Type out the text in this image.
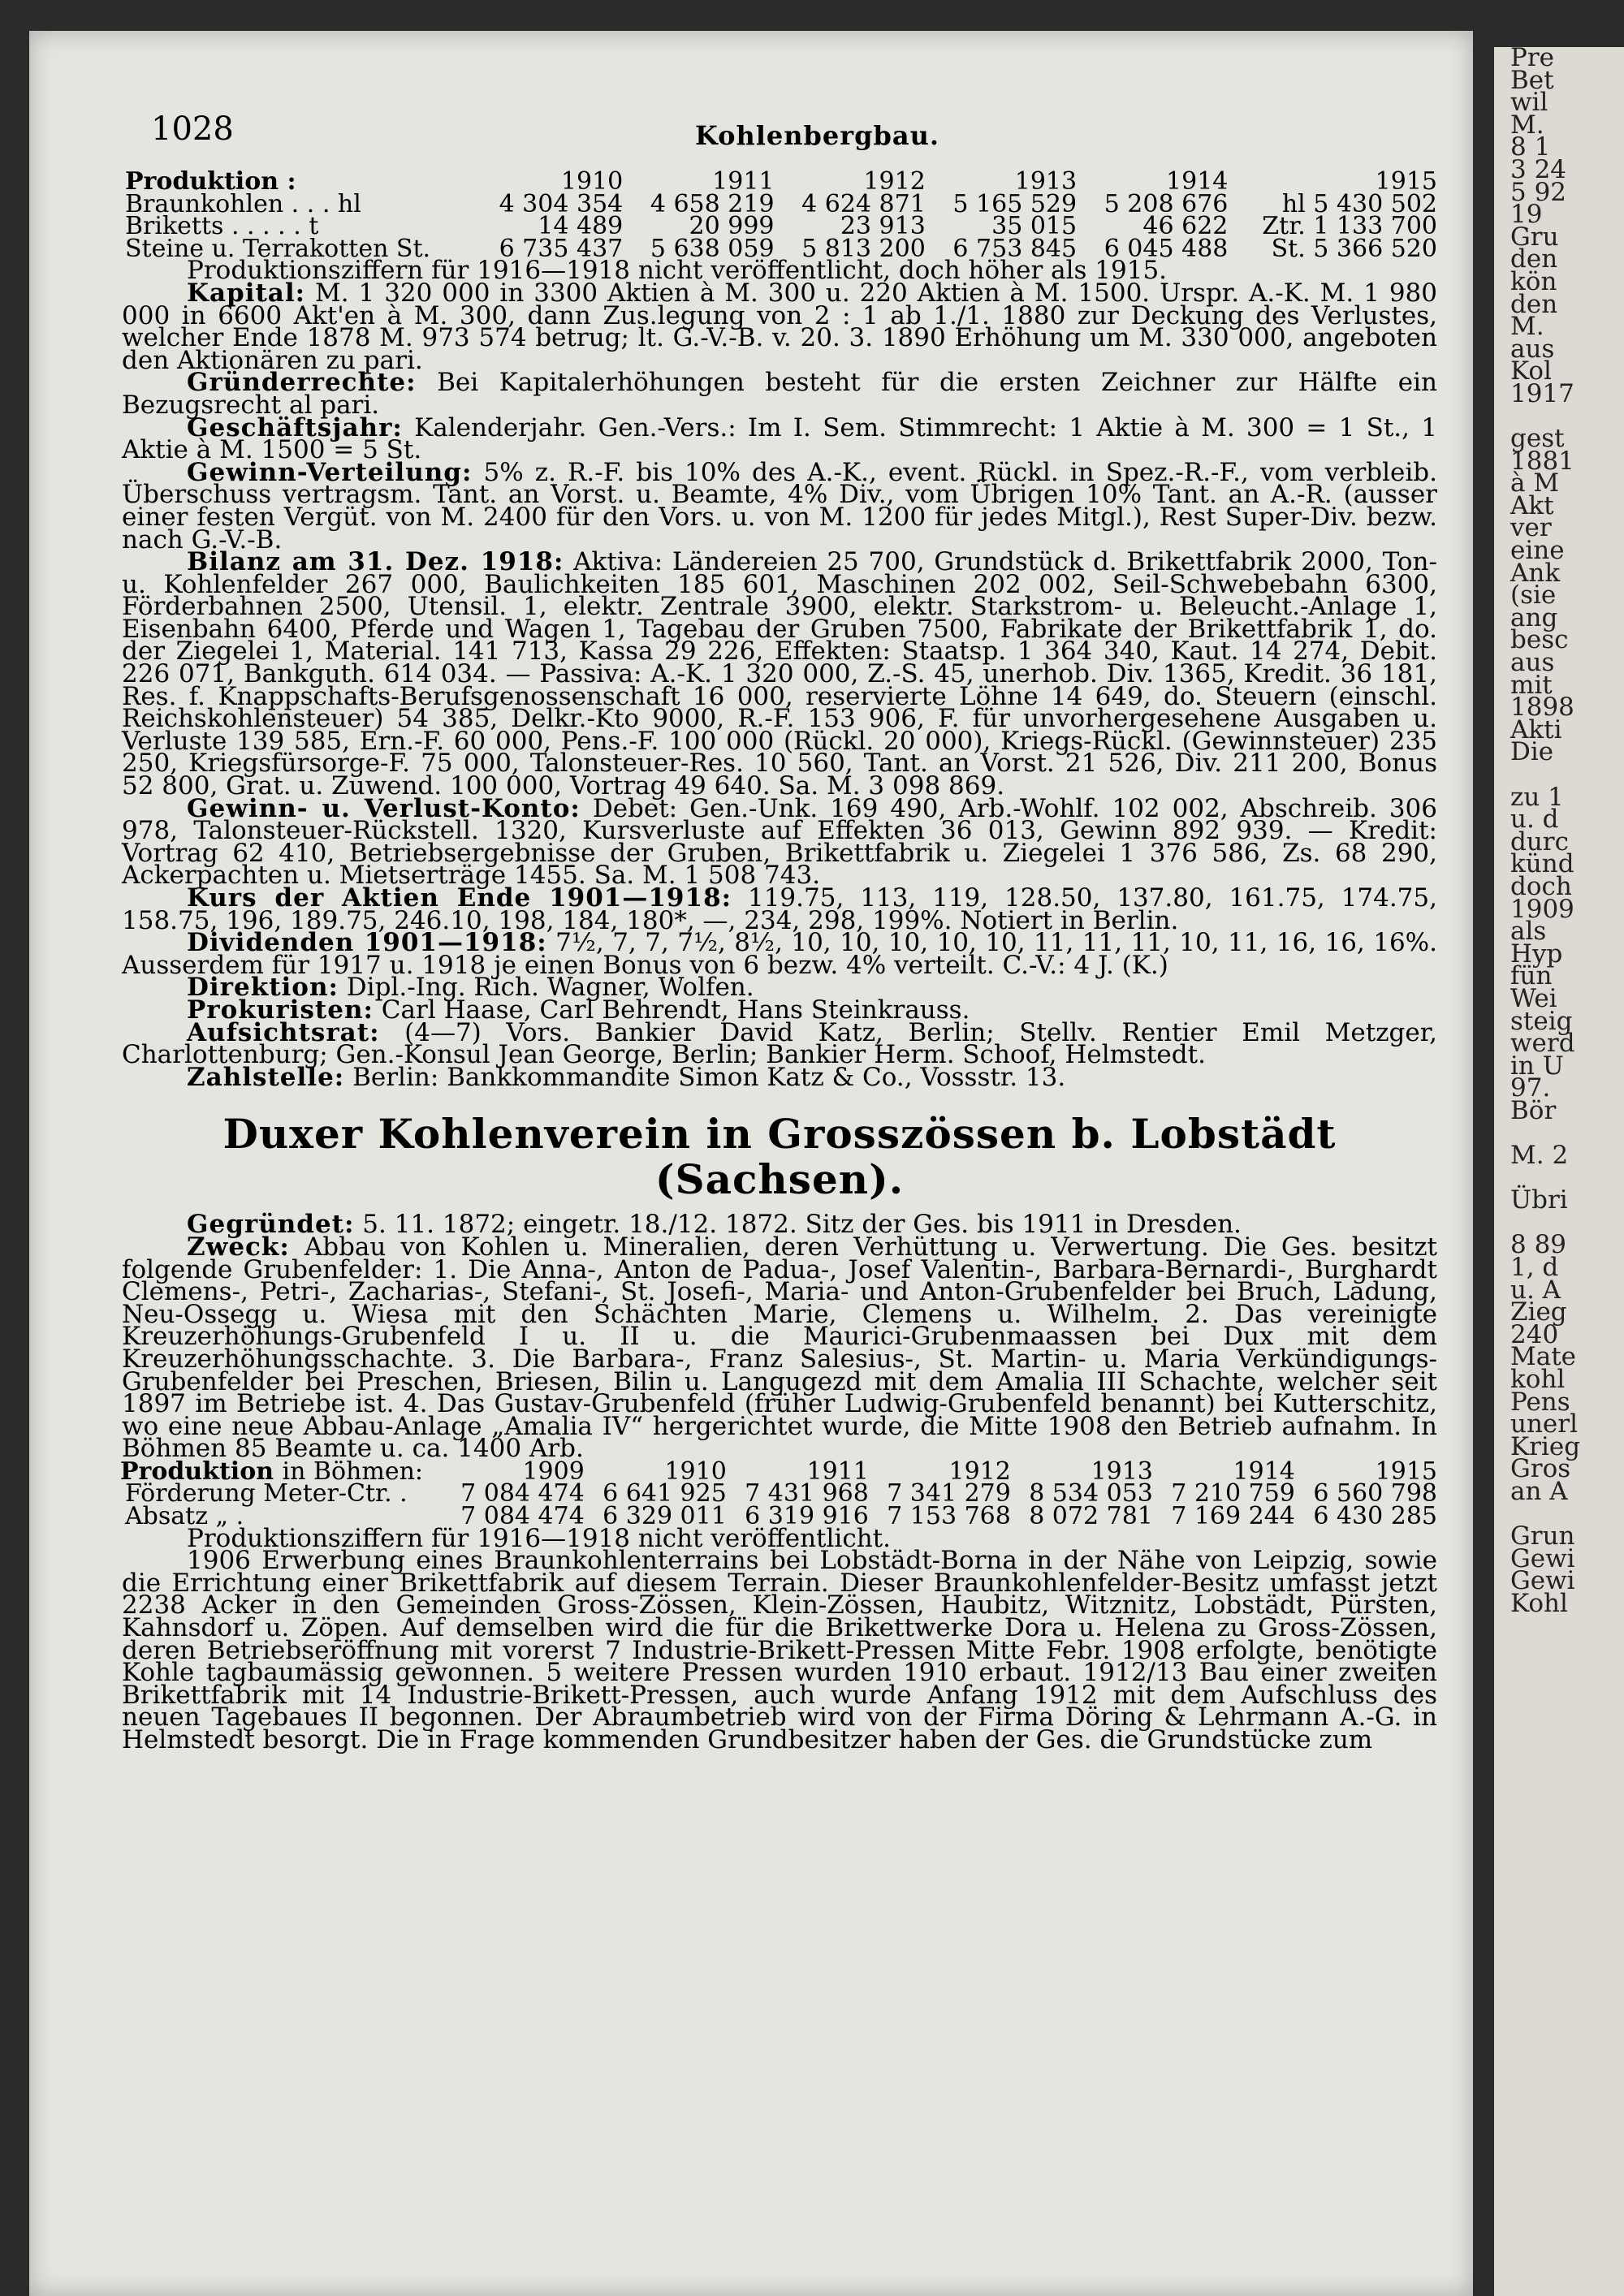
1028	Kohlenbergbau.
Produktion :	1910	1911	1912	1913	1914	1915
Braunkohlen . . . hl	4 304 354	4 658 219	4 624 871	5 165 529	5 208 676	hl 5 430 502
Briketts . . . . . t	14 489	20 999	23 913	35 015	46 622	Ztr. 1 133 700
Steine u. Terrakotten St.	6 735 437	5 638 059	5 813 200	6 753 845	6 045 488	St. 5 366 520

Produktionsziffern für 1916—1918 nicht veröffentlicht, doch höher als 1915.

Kapital: M. 1 320 000 in 3300 Aktien à M. 300 u. 220 Aktien à M. 1500. Urspr. A.-K. M. 1 980 000 in 6600 Akt'en à M. 300, dann Zus.legung von 2 : 1 ab 1./1. 1880 zur Deckung des Verlustes, welcher Ende 1878 M. 973 574 betrug; lt. G.-V.-B. v. 20. 3. 1890 Erhöhung um M. 330 000, angeboten den Aktionären zu pari.

Gründerrechte: Bei Kapitalerhöhungen besteht für die ersten Zeichner zur Hälfte ein Bezugsrecht al pari.

Geschäftsjahr: Kalenderjahr. Gen.-Vers.: Im I. Sem. Stimmrecht: 1 Aktie à M. 300 = 1 St., 1 Aktie à M. 1500 = 5 St.

Gewinn-Verteilung: 5% z. R.-F. bis 10% des A.-K., event. Rückl. in Spez.-R.-F., vom verbleib. Überschuss vertragsm. Tant. an Vorst. u. Beamte, 4% Div., vom Übrigen 10% Tant. an A.-R. (ausser einer festen Vergüt. von M. 2400 für den Vors. u. von M. 1200 für jedes Mitgl.), Rest Super-Div. bezw. nach G.-V.-B.

Bilanz am 31. Dez. 1918: Aktiva: Ländereien 25 700, Grundstück d. Brikettfabrik 2000, Ton- u. Kohlenfelder 267 000, Baulichkeiten 185 601, Maschinen 202 002, Seil-Schwebebahn 6300, Förderbahnen 2500, Utensil. 1, elektr. Zentrale 3900, elektr. Starkstrom- u. Beleucht.-Anlage 1, Eisenbahn 6400, Pferde und Wagen 1, Tagebau der Gruben 7500, Fabrikate der Brikettfabrik 1, do. der Ziegelei 1, Material. 141 713, Kassa 29 226, Effekten: Staatsp. 1 364 340, Kaut. 14 274, Debit. 226 071, Bankguth. 614 034. — Passiva: A.-K. 1 320 000, Z.-S. 45, unerhob. Div. 1365, Kredit. 36 181, Res. f. Knappschafts-Berufsgenossenschaft 16 000, reservierte Löhne 14 649, do. Steuern (einschl. Reichskohlensteuer) 54 385, Delkr.-Kto 9000, R.-F. 153 906, F. für unvorhergesehene Ausgaben u. Verluste 139 585, Ern.-F. 60 000, Pens.-F. 100 000 (Rückl. 20 000), Kriegs-Rückl. (Gewinnsteuer) 235 250, Kriegsfürsorge-F. 75 000, Talonsteuer-Res. 10 560, Tant. an Vorst. 21 526, Div. 211 200, Bonus 52 800, Grat. u. Zuwend. 100 000, Vortrag 49 640. Sa. M. 3 098 869.

Gewinn- u. Verlust-Konto: Debet: Gen.-Unk. 169 490, Arb.-Wohlf. 102 002, Abschreib. 306 978, Talonsteuer-Rückstell. 1320, Kursverluste auf Effekten 36 013, Gewinn 892 939. — Kredit: Vortrag 62 410, Betriebsergebnisse der Gruben, Brikettfabrik u. Ziegelei 1 376 586, Zs. 68 290, Ackerpachten u. Mietserträge 1455. Sa. M. 1 508 743.

Kurs der Aktien Ende 1901—1918: 119.75, 113, 119, 128.50, 137.80, 161.75, 174.75, 158.75, 196, 189.75, 246.10, 198, 184, 180*, —, 234, 298, 199%. Notiert in Berlin.

Dividenden 1901—1918: 7½, 7, 7, 7½, 8½, 10, 10, 10, 10, 10, 11, 11, 11, 10, 11, 16, 16, 16%. Ausserdem für 1917 u. 1918 je einen Bonus von 6 bezw. 4% verteilt. C.-V.: 4 J. (K.)

Direktion: Dipl.-Ing. Rich. Wagner, Wolfen.

Prokuristen: Carl Haase, Carl Behrendt, Hans Steinkrauss.

Aufsichtsrat: (4—7) Vors. Bankier David Katz, Berlin; Stellv. Rentier Emil Metzger, Charlottenburg; Gen.-Konsul Jean George, Berlin; Bankier Herm. Schoof, Helmstedt.

Zahlstelle: Berlin: Bankkommandite Simon Katz & Co., Vossstr. 13.

Duxer Kohlenverein in Grosszössen b. Lobstädt (Sachsen).

Gegründet: 5. 11. 1872; eingetr. 18./12. 1872. Sitz der Ges. bis 1911 in Dresden.

Zweck: Abbau von Kohlen u. Mineralien, deren Verhüttung u. Verwertung. Die Ges. besitzt folgende Grubenfelder: 1. Die Anna-, Anton de Padua-, Josef Valentin-, Barbara-Bernardi-, Burghardt Clemens-, Petri-, Zacharias-, Stefani-, St. Josefi-, Maria- und Anton-Grubenfelder bei Bruch, Ladung, Neu-Ossegg u. Wiesa mit den Schächten Marie, Clemens u. Wilhelm. 2. Das vereinigte Kreuzerhöhungs-Grubenfeld I u. II u. die Maurici-Grubenmaassen bei Dux mit dem Kreuzerhöhungsschachte. 3. Die Barbara-, Franz Salesius-, St. Martin- u. Maria Verkündigungs-Grubenfelder bei Preschen, Briesen, Bilin u. Langugezd mit dem Amalia III Schachte, welcher seit 1897 im Betriebe ist. 4. Das Gustav-Grubenfeld (früher Ludwig-Grubenfeld benannt) bei Kutterschitz, wo eine neue Abbau-Anlage „Amalia IV“ hergerichtet wurde, die Mitte 1908 den Betrieb aufnahm. In Böhmen 85 Beamte u. ca. 1400 Arb.

Produktion in Böhmen:	1909	1910	1911	1912	1913	1914	1915
Förderung Meter-Ctr. .	7 084 474	6 641 925	7 431 968	7 341 279	8 534 053	7 210 759	6 560 798
Absatz „ .	7 084 474	6 329 011	6 319 916	7 153 768	8 072 781	7 169 244	6 430 285

Produktionsziffern für 1916—1918 nicht veröffentlicht.

1906 Erwerbung eines Braunkohlenterrains bei Lobstädt-Borna in der Nähe von Leipzig, sowie die Errichtung einer Brikettfabrik auf diesem Terrain. Dieser Braunkohlenfelder-Besitz umfasst jetzt 2238 Acker in den Gemeinden Gross-Zössen, Klein-Zössen, Haubitz, Witznitz, Lobstädt, Pürsten, Kahnsdorf u. Zöpen. Auf demselben wird die für die Brikettwerke Dora u. Helena zu Gross-Zössen, deren Betriebseröffnung mit vorerst 7 Industrie-Brikett-Pressen Mitte Febr. 1908 erfolgte, benötigte Kohle tagbaumässig gewonnen. 5 weitere Pressen wurden 1910 erbaut. 1912/13 Bau einer zweiten Brikettfabrik mit 14 Industrie-Brikett-Pressen, auch wurde Anfang 1912 mit dem Aufschluss des neuen Tagebaues II begonnen. Der Abraumbetrieb wird von der Firma Döring & Lehrmann A.-G. in Helmstedt besorgt. Die in Frage kommenden Grundbesitzer haben der Ges. die Grundstücke zum

Pre
Bet
wil
M.
8 1
3 24
5 92
19
Gru
den
kön
den
M.
aus
Kol
1917

gest
1881
à M
Akt
ver
eine
Ank
(sie
ang
besc
aus
mit
1898
Akti
Die

zu 1
u. d
durc
künd
doch
1909
als
Hyp
fün
Wei
steig
werd
in U
97.
Bör

M. 2

Übri

8 89
1, d
u. A
Zieg
240
Mate
kohl
Pens
unerl
Krieg
Gros
an A

Grun
Gewi
Gewi
Kohl
